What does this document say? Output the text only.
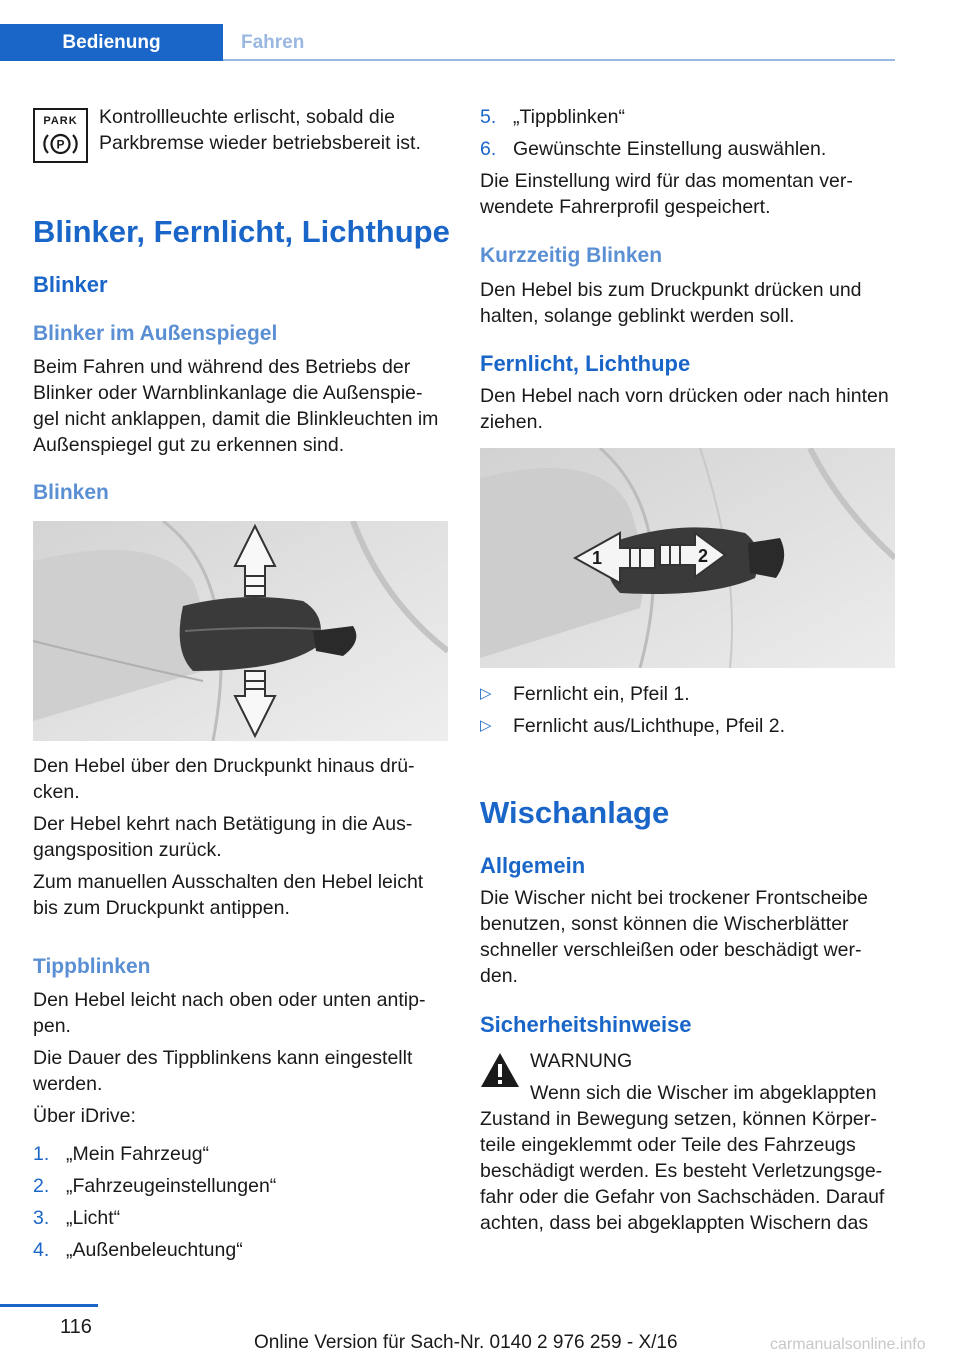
Bedienung	Fahren
PARK
P

Kontrollleuchte erlischt, sobald die

Parkbremse wieder betriebsbereit ist.

Blinker, Fernlicht, Lichthupe
Blinker
Blinker im Außenspiegel

Beim Fahren und während des Betriebs der

Blinker oder Warnblinkanlage die Außenspie-

gel nicht anklappen, damit die Blinkleuchten im

Außenspiegel gut zu erkennen sind.

Blinken

Den Hebel über den Druckpunkt hinaus drü-

cken.

Der Hebel kehrt nach Betätigung in die Aus-

gangsposition zurück.

Zum manuellen Ausschalten den Hebel leicht

bis zum Druckpunkt antippen.

Tippblinken

Den Hebel leicht nach oben oder unten antip-

pen.

Die Dauer des Tippblinkens kann eingestellt

werden.

Über iDrive:

1. „Mein Fahrzeug“
2. „Fahrzeugeinstellungen“
3. „Licht“
4. „Außenbeleuchtung“
5. „Tippblinken“
6. Gewünschte Einstellung auswählen.

Die Einstellung wird für das momentan ver-

wendete Fahrerprofil gespeichert.

Kurzzeitig Blinken

Den Hebel bis zum Druckpunkt drücken und

halten, solange geblinkt werden soll.

Fernlicht, Lichthupe

Den Hebel nach vorn drücken oder nach hinten

ziehen.

1	2
▷ Fernlicht ein, Pfeil 1.
▷ Fernlicht aus/Lichthupe, Pfeil 2.
Wischanlage
Allgemein

Die Wischer nicht bei trockener Frontscheibe

benutzen, sonst können die Wischerblätter

schneller verschleißen oder beschädigt wer-

den.

Sicherheitshinweise
WARNUNG

Wenn sich die Wischer im abgeklappten

Zustand in Bewegung setzen, können Körper-

teile eingeklemmt oder Teile des Fahrzeugs

beschädigt werden. Es besteht Verletzungsge-

fahr oder die Gefahr von Sachschäden. Darauf

achten, dass bei abgeklappten Wischern das

116
Online Version für Sach-Nr. 0140 2 976 259 - X/16	carmanualsonline.info
